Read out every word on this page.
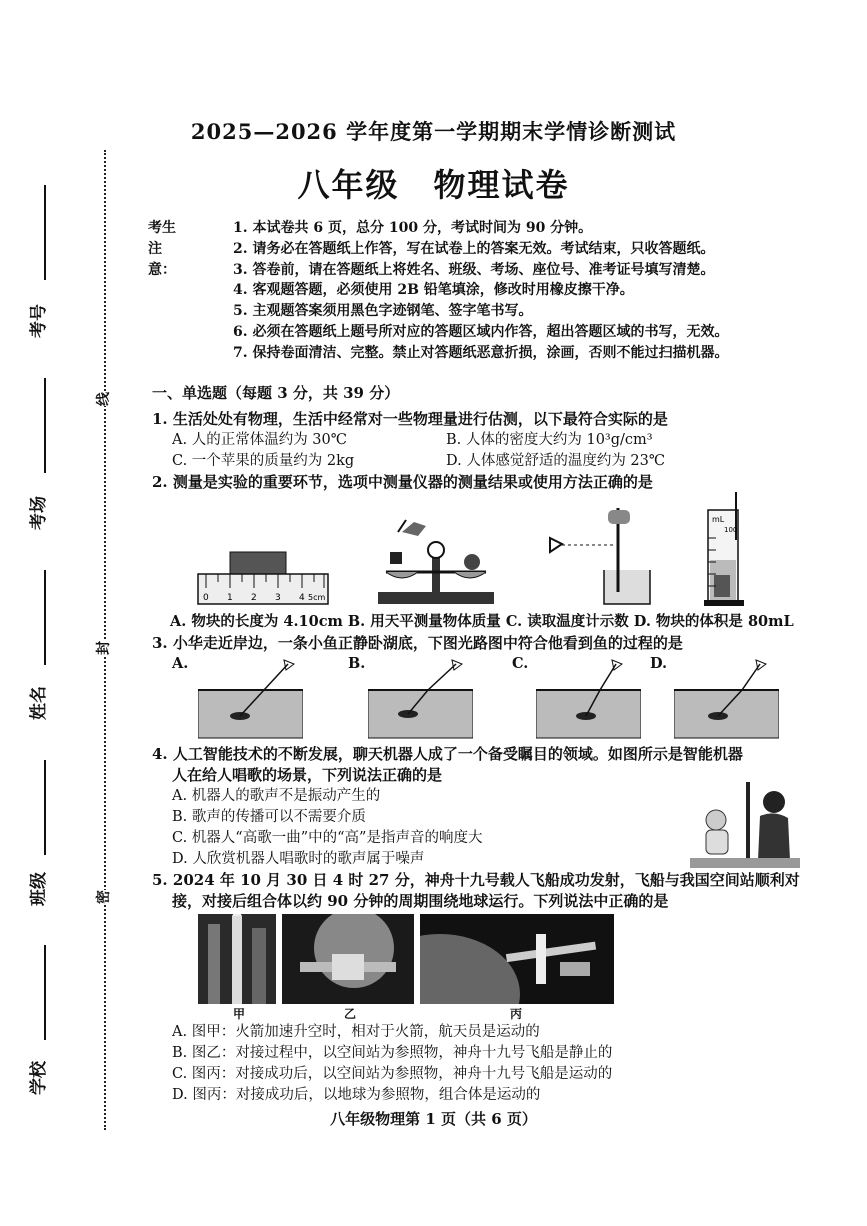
考号
考场
姓名
班级
学校
线
封
密
2025—2026 学年度第一学期期末学情诊断测试
八年级　物理试卷
考生注意：
1. 本试卷共 6 页，总分 100 分，考试时间为 90 分钟。
2. 请务必在答题纸上作答，写在试卷上的答案无效。考试结束，只收答题纸。
3. 答卷前，请在答题纸上将姓名、班级、考场、座位号、准考证号填写清楚。
4. 客观题答题，必须使用 2B 铅笔填涂，修改时用橡皮擦干净。
5. 主观题答案须用黑色字迹钢笔、签字笔书写。
6. 必须在答题纸上题号所对应的答题区域内作答，超出答题区域的书写，无效。
7. 保持卷面清洁、完整。禁止对答题纸恶意折损，涂画，否则不能过扫描机器。
一、单选题（每题 3 分，共 39 分）
1. 生活处处有物理，生活中经常对一些物理量进行估测，以下最符合实际的是
A. 人的正常体温约为 30℃	B. 人体的密度大约为 10³g/cm³
C. 一个苹果的质量约为 2kg	D. 人体感觉舒适的温度约为 23℃
2. 测量是实验的重要环节，选项中测量仪器的测量结果或使用方法正确的是
0 1 2 3 4 5cm
mL
100
A. 物块的长度为 4.10cm B. 用天平测量物体质量 C. 读取温度计示数 D. 物块的体积是 80mL
3. 小华走近岸边，一条小鱼正静卧湖底，下图光路图中符合他看到鱼的过程的是
A.	B.	C.	D.
4. 人工智能技术的不断发展，聊天机器人成了一个备受瞩目的领域。如图所示是智能机器
人在给人唱歌的场景，下列说法正确的是
A. 机器人的歌声不是振动产生的
B. 歌声的传播可以不需要介质
C. 机器人“高歌一曲”中的“高”是指声音的响度大
D. 人欣赏机器人唱歌时的歌声属于噪声
5. 2024 年 10 月 30 日 4 时 27 分，神舟十九号载人飞船成功发射，飞船与我国空间站顺利对
接，对接后组合体以约 90 分钟的周期围绕地球运行。下列说法中正确的是
甲	乙	丙
A. 图甲：火箭加速升空时，相对于火箭，航天员是运动的
B. 图乙：对接过程中，以空间站为参照物，神舟十九号飞船是静止的
C. 图丙：对接成功后，以空间站为参照物，神舟十九号飞船是运动的
D. 图丙：对接成功后，以地球为参照物，组合体是运动的
八年级物理第 1 页（共 6 页）
